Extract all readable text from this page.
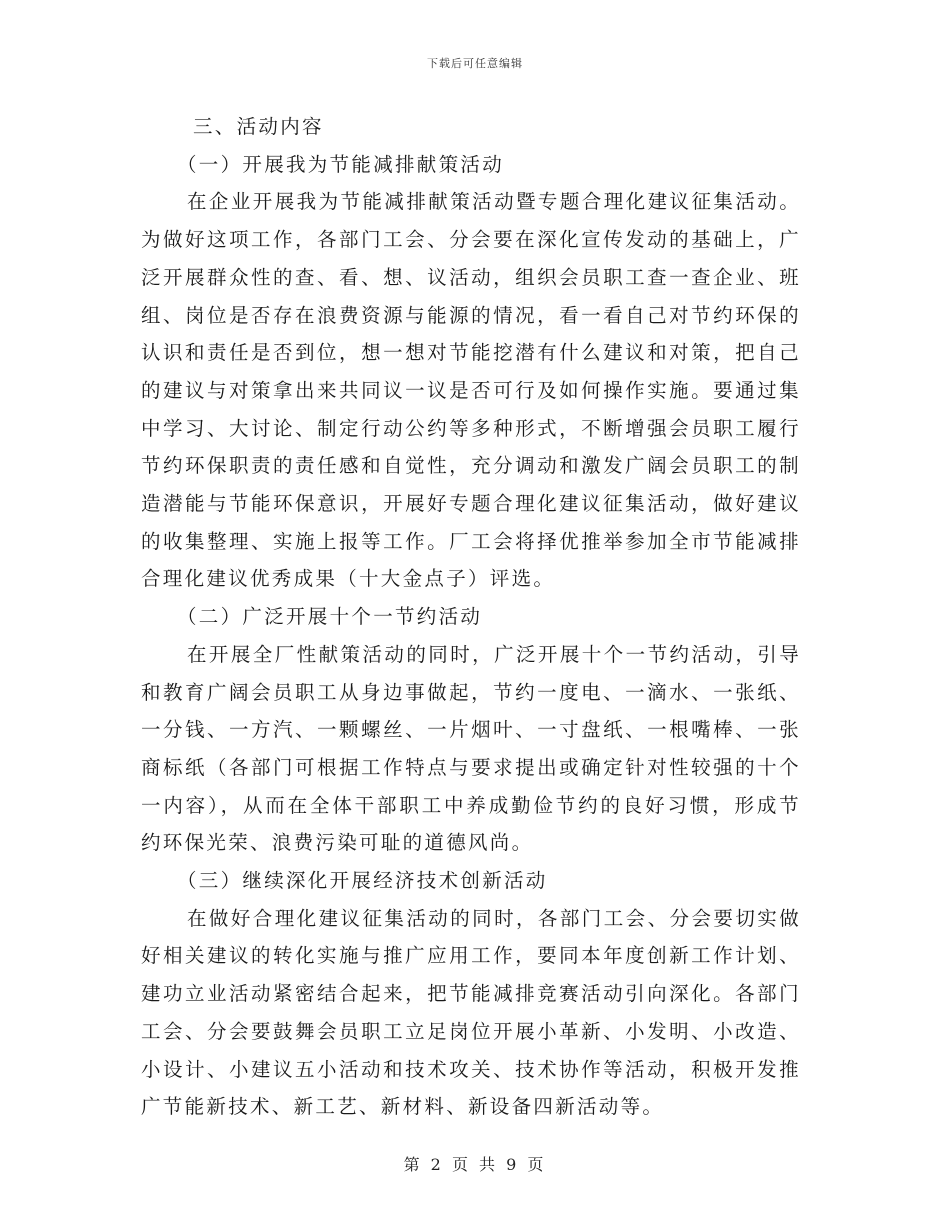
下载后可任意编辑

三、活动内容

（一）开展我为节能减排献策活动

在企业开展我为节能减排献策活动暨专题合理化建议征集活动。为做好这项工作，各部门工会、分会要在深化宣传发动的基础上，广泛开展群众性的查、看、想、议活动，组织会员职工查一查企业、班组、岗位是否存在浪费资源与能源的情况，看一看自己对节约环保的认识和责任是否到位，想一想对节能挖潜有什么建议和对策，把自己的建议与对策拿出来共同议一议是否可行及如何操作实施。要通过集中学习、大讨论、制定行动公约等多种形式，不断增强会员职工履行节约环保职责的责任感和自觉性，充分调动和激发广阔会员职工的制造潜能与节能环保意识，开展好专题合理化建议征集活动，做好建议的收集整理、实施上报等工作。厂工会将择优推举参加全市节能减排合理化建议优秀成果（十大金点子）评选。

（二）广泛开展十个一节约活动

在开展全厂性献策活动的同时，广泛开展十个一节约活动，引导和教育广阔会员职工从身边事做起，节约一度电、一滴水、一张纸、一分钱、一方汽、一颗螺丝、一片烟叶、一寸盘纸、一根嘴棒、一张商标纸（各部门可根据工作特点与要求提出或确定针对性较强的十个一内容），从而在全体干部职工中养成勤俭节约的良好习惯，形成节约环保光荣、浪费污染可耻的道德风尚。

（三）继续深化开展经济技术创新活动

在做好合理化建议征集活动的同时，各部门工会、分会要切实做好相关建议的转化实施与推广应用工作，要同本年度创新工作计划、建功立业活动紧密结合起来，把节能减排竞赛活动引向深化。各部门工会、分会要鼓舞会员职工立足岗位开展小革新、小发明、小改造、小设计、小建议五小活动和技术攻关、技术协作等活动，积极开发推广节能新技术、新工艺、新材料、新设备四新活动等。

第 2 页 共 9 页
